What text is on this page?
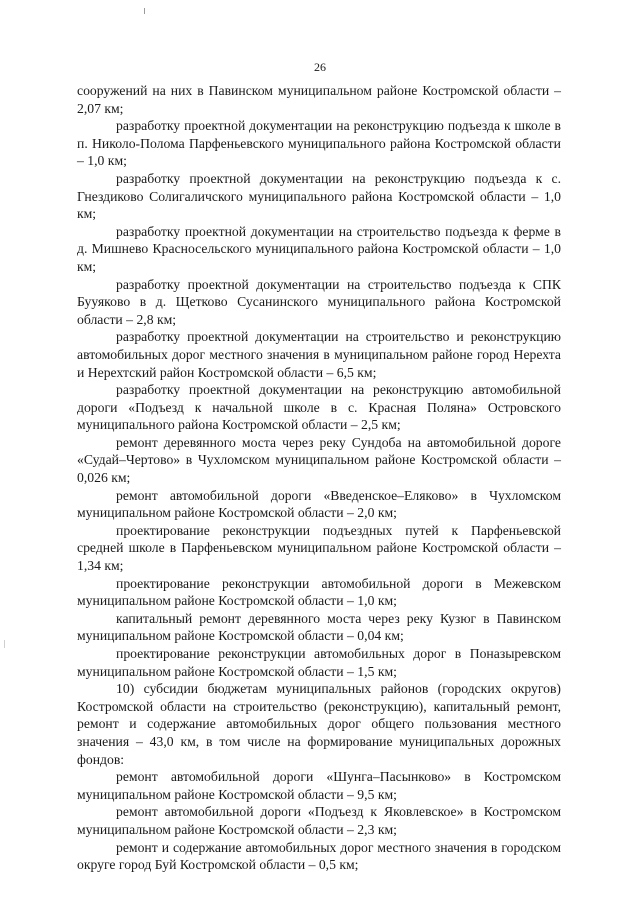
26

сооружений на них в Павинском муниципальном районе Костромской области – 2,07 км;

разработку проектной документации на реконструкцию подъезда к школе в п. Николо-Полома Парфеньевского муниципального района Костромской области – 1,0 км;

разработку проектной документации на реконструкцию подъезда к с. Гнездиково Солигаличского муниципального района Костромской области – 1,0 км;

разработку проектной документации на строительство подъезда к ферме в д. Мишнево Красносельского муниципального района Костромской области – 1,0 км;

разработку проектной документации на строительство подъезда к СПК Бууяково в д. Щетково Сусанинского муниципального района Костромской области – 2,8 км;

разработку проектной документации на строительство и реконструкцию автомобильных дорог местного значения в муниципальном районе город Нерехта и Нерехтский район Костромской области – 6,5 км;

разработку проектной документации на реконструкцию автомобильной дороги «Подъезд к начальной школе в с. Красная Поляна» Островского муниципального района Костромской области – 2,5 км;

ремонт деревянного моста через реку Сундоба на автомобильной дороге «Судай–Чертово» в Чухломском муниципальном районе Костромской области – 0,026 км;

ремонт автомобильной дороги «Введенское–Еляково» в Чухломском муниципальном районе Костромской области – 2,0 км;

проектирование реконструкции подъездных путей к Парфеньевской средней школе в Парфеньевском муниципальном районе Костромской области – 1,34 км;

проектирование реконструкции автомобильной дороги в Межевском муниципальном районе Костромской области – 1,0 км;

капитальный ремонт деревянного моста через реку Кузюг в Павинском муниципальном районе Костромской области – 0,04 км;

проектирование реконструкции автомобильных дорог в Поназыревском муниципальном районе Костромской области – 1,5 км;

10) субсидии бюджетам муниципальных районов (городских округов) Костромской области на строительство (реконструкцию), капитальный ремонт, ремонт и содержание автомобильных дорог общего пользования местного значения – 43,0 км, в том числе на формирование муниципальных дорожных фондов:

ремонт автомобильной дороги «Шунга–Пасынково» в Костромском муниципальном районе Костромской области – 9,5 км;

ремонт автомобильной дороги «Подъезд к Яковлевское» в Костромском муниципальном районе Костромской области – 2,3 км;

ремонт и содержание автомобильных дорог местного значения в городском округе город Буй Костромской области – 0,5 км;
